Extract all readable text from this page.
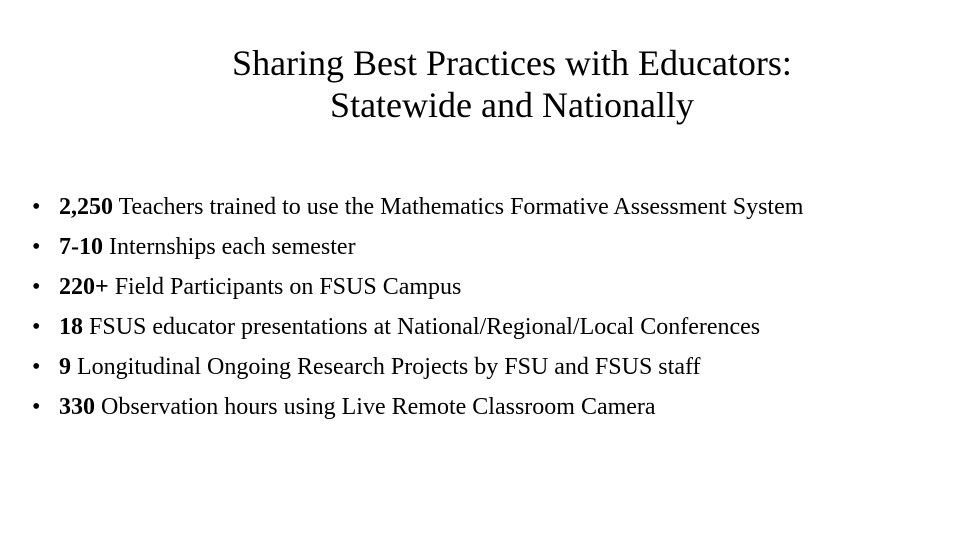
Sharing Best Practices with Educators:
Statewide and Nationally
• 2,250 Teachers trained to use the Mathematics Formative Assessment System
• 7-10 Internships each semester
• 220+ Field Participants on FSUS Campus
• 18 FSUS educator presentations at National/Regional/Local Conferences
• 9 Longitudinal Ongoing Research Projects by FSU and FSUS staff
• 330 Observation hours using Live Remote Classroom Camera
